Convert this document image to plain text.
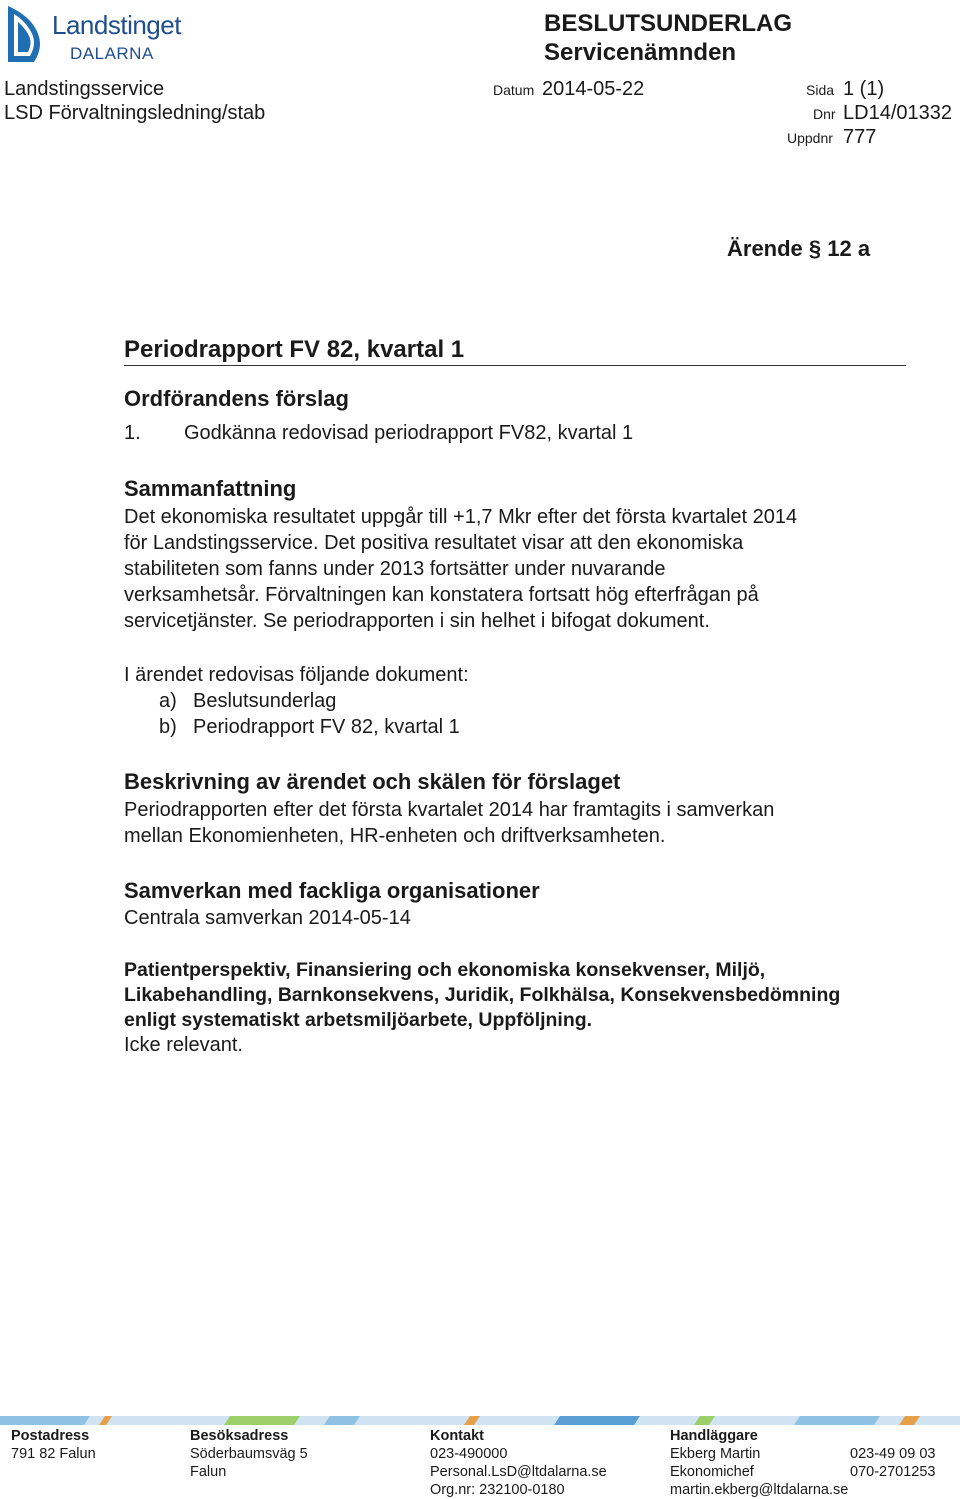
Landstinget
DALARNA
BESLUTSUNDERLAG
Servicenämnden
Landstingsservice
LSD Förvaltningsledning/stab
Datum 2014-05-22	Sida 1 (1)
Dnr LD14/01332
Uppdnr 777
Ärende § 12 a
Periodrapport FV 82, kvartal 1
Ordförandens förslag
1. Godkänna redovisad periodrapport FV82, kvartal 1
Sammanfattning
Det ekonomiska resultatet uppgår till +1,7 Mkr efter det första kvartalet 2014
för Landstingsservice. Det positiva resultatet visar att den ekonomiska
stabiliteten som fanns under 2013 fortsätter under nuvarande
verksamhetsår. Förvaltningen kan konstatera fortsatt hög efterfrågan på
servicetjänster. Se periodrapporten i sin helhet i bifogat dokument.
I ärendet redovisas följande dokument:
a) Beslutsunderlag
b) Periodrapport FV 82, kvartal 1
Beskrivning av ärendet och skälen för förslaget
Periodrapporten efter det första kvartalet 2014 har framtagits i samverkan
mellan Ekonomienheten, HR-enheten och driftverksamheten.
Samverkan med fackliga organisationer
Centrala samverkan 2014-05-14
Patientperspektiv, Finansiering och ekonomiska konsekvenser, Miljö,
Likabehandling, Barnkonsekvens, Juridik, Folkhälsa, Konsekvensbedömning
enligt systematiskt arbetsmiljöarbete, Uppföljning.
Icke relevant.
Postadress
791 82 Falun
Besöksadress
Söderbaumsväg 5
Falun
Kontakt
023-490000
Personal.LsD@ltdalarna.se
Org.nr: 232100-0180
Handläggare
Ekberg Martin
Ekonomichef
martin.ekberg@ltdalarna.se
023-49 09 03
070-2701253
